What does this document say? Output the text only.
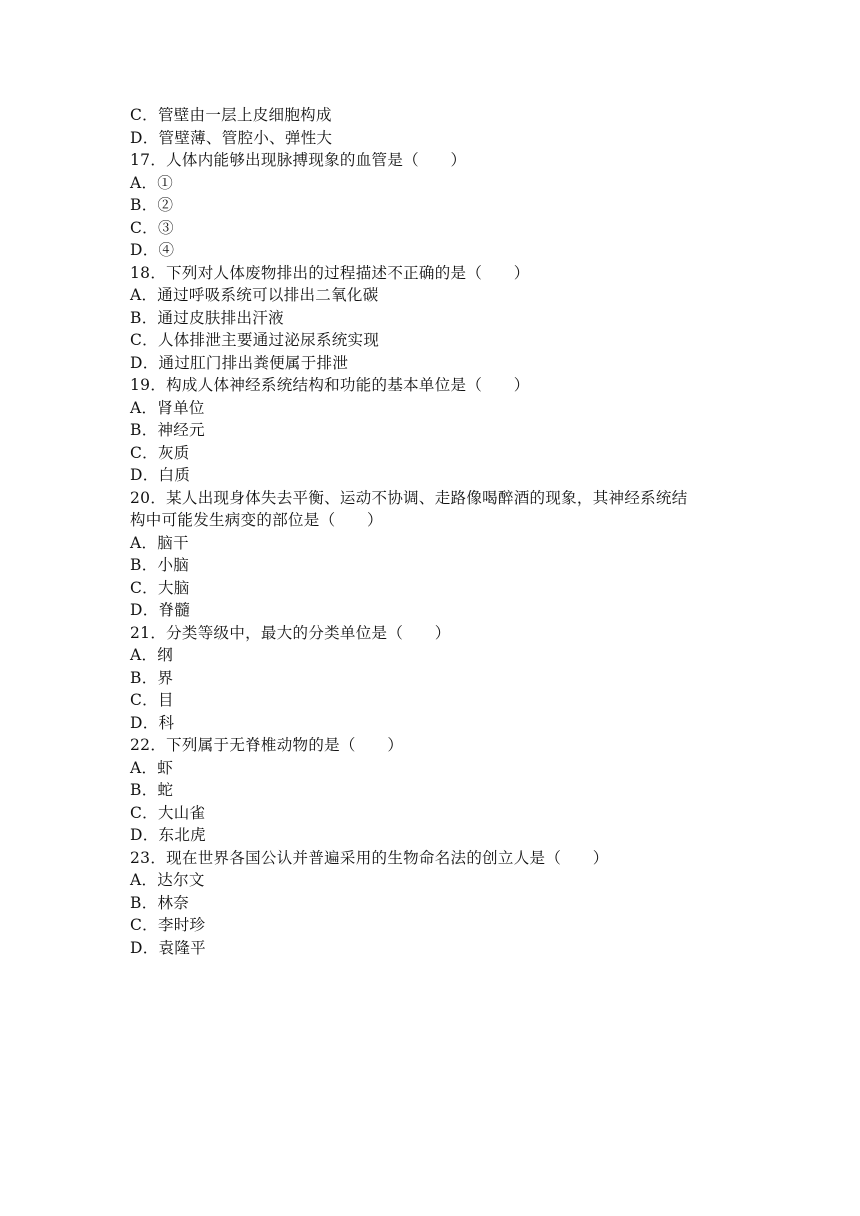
C．管壁由一层上皮细胞构成
D．管壁薄、管腔小、弹性大
17．人体内能够出现脉搏现象的血管是（　　）
A．①
B．②
C．③
D．④
18．下列对人体废物排出的过程描述不正确的是（　　）
A．通过呼吸系统可以排出二氧化碳
B．通过皮肤排出汗液
C．人体排泄主要通过泌尿系统实现
D．通过肛门排出粪便属于排泄
19．构成人体神经系统结构和功能的基本单位是（　　）
A．肾单位
B．神经元
C．灰质
D．白质
20．某人出现身体失去平衡、运动不协调、走路像喝醉酒的现象，其神经系统结
构中可能发生病变的部位是（　　）
A．脑干
B．小脑
C．大脑
D．脊髓
21．分类等级中，最大的分类单位是（　　）
A．纲
B．界
C．目
D．科
22．下列属于无脊椎动物的是（　　）
A．虾
B．蛇
C．大山雀
D．东北虎
23．现在世界各国公认并普遍采用的生物命名法的创立人是（　　）
A．达尔文
B．林奈
C．李时珍
D．袁隆平
